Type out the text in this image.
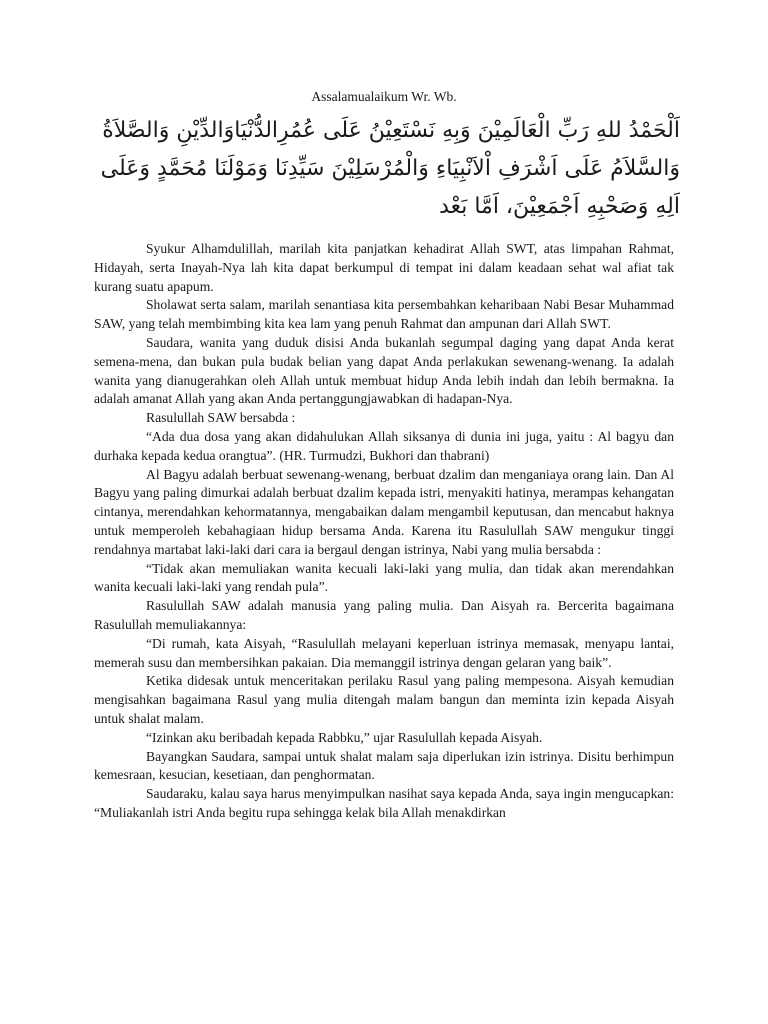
Assalamualaikum Wr. Wb.
اَلْحَمْدُ للهِ رَبِّ الْعَالَمِيْنَ وَبِهِ نَسْتَعِيْنُ عَلَى عُمُرِالدُّنْيَاوَالدِّيْنِ وَالصَّلاَةُ
وَالسَّلاَمُ عَلَى اَشْرَفِ اْلاَنْبِيَاءِ وَالْمُرْسَلِيْنَ سَيِّدِنَا وَمَوْلَنَا مُحَمَّدٍ وَعَلَى
اَلِهِ وَصَحْبِهِ اَجْمَعِيْنَ، اَمَّا بَعْد

Syukur Alhamdulillah, marilah kita panjatkan kehadirat Allah SWT, atas limpahan Rahmat, Hidayah, serta Inayah-Nya lah kita dapat berkumpul di tempat ini dalam keadaan sehat wal afiat tak kurang suatu apapum.

Sholawat serta salam, marilah senantiasa kita persembahkan keharibaan Nabi Besar Muhammad SAW, yang telah membimbing kita kea lam yang penuh Rahmat dan ampunan dari Allah SWT.

Saudara, wanita yang duduk disisi Anda bukanlah segumpal daging yang dapat Anda kerat semena-mena, dan bukan pula budak belian yang dapat Anda perlakukan sewenang-wenang. Ia adalah wanita yang dianugerahkan oleh Allah untuk membuat hidup Anda lebih indah dan lebih bermakna. Ia adalah amanat Allah yang akan Anda pertanggungjawabkan di hadapan-Nya.

Rasulullah SAW bersabda :

“Ada dua dosa yang akan didahulukan Allah siksanya di dunia ini juga, yaitu : Al bagyu dan durhaka kepada kedua orangtua”. (HR. Turmudzi, Bukhori dan thabrani)

Al Bagyu adalah berbuat sewenang-wenang, berbuat dzalim dan menganiaya orang lain. Dan Al Bagyu yang paling dimurkai adalah berbuat dzalim kepada istri, menyakiti hatinya, merampas kehangatan cintanya, merendahkan kehormatannya, mengabaikan dalam mengambil keputusan, dan mencabut haknya untuk memperoleh kebahagiaan hidup bersama Anda. Karena itu Rasulullah SAW mengukur tinggi rendahnya martabat laki-laki dari cara ia bergaul dengan istrinya, Nabi yang mulia bersabda :

“Tidak akan memuliakan wanita kecuali laki-laki yang mulia, dan tidak akan merendahkan wanita kecuali laki-laki yang rendah pula”.

Rasulullah SAW adalah manusia yang paling mulia. Dan Aisyah ra. Bercerita bagaimana Rasulullah memuliakannya:

“Di rumah, kata Aisyah, “Rasulullah melayani keperluan istrinya memasak, menyapu lantai, memerah susu dan membersihkan pakaian. Dia memanggil istrinya dengan gelaran yang baik”.

Ketika didesak untuk menceritakan perilaku Rasul yang paling mempesona. Aisyah kemudian mengisahkan bagaimana Rasul yang mulia ditengah malam bangun dan meminta izin kepada Aisyah untuk shalat malam.

“Izinkan aku beribadah kepada Rabbku,” ujar Rasulullah kepada Aisyah.

Bayangkan Saudara, sampai untuk shalat malam saja diperlukan izin istrinya. Disitu berhimpun kemesraan, kesucian, kesetiaan, dan penghormatan.

Saudaraku, kalau saya harus menyimpulkan nasihat saya kepada Anda, saya ingin mengucapkan: “Muliakanlah istri Anda begitu rupa sehingga kelak bila Allah menakdirkan
